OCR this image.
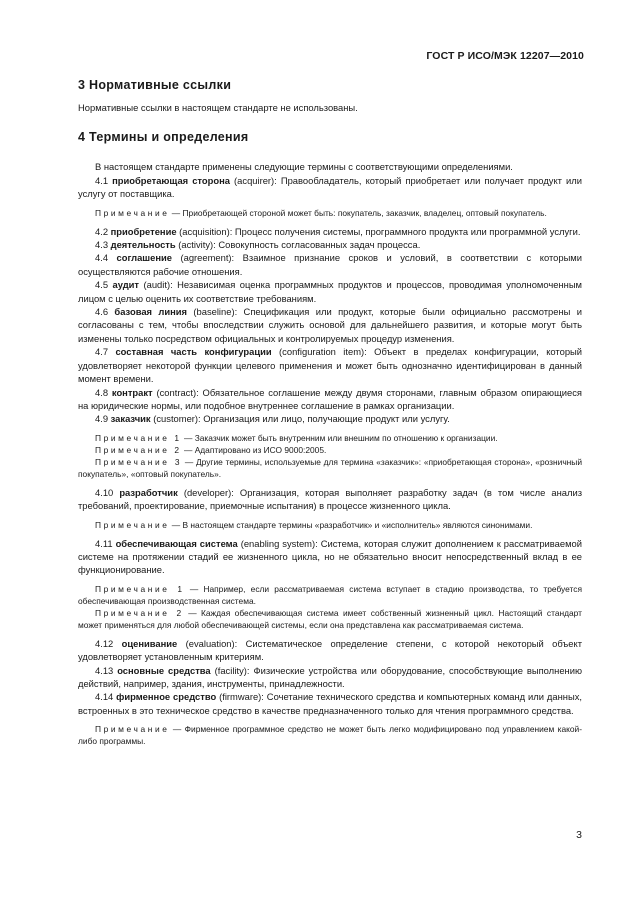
ГОСТ Р ИСО/МЭК 12207—2010
3 Нормативные ссылки

Нормативные ссылки в настоящем стандарте не использованы.

4 Термины и определения

В настоящем стандарте применены следующие термины с соответствующими определениями.

4.1 приобретающая сторона (acquirer): Правообладатель, который приобретает или получает продукт или услугу от поставщика.

Примечание — Приобретающей стороной может быть: покупатель, заказчик, владелец, оптовый покупатель.

4.2 приобретение (acquisition): Процесс получения системы, программного продукта или программной услуги.

4.3 деятельность (activity): Совокупность согласованных задач процесса.

4.4 соглашение (agreement): Взаимное признание сроков и условий, в соответствии с которыми осуществляются рабочие отношения.

4.5 аудит (audit): Независимая оценка программных продуктов и процессов, проводимая уполномоченным лицом с целью оценить их соответствие требованиям.

4.6 базовая линия (baseline): Спецификация или продукт, которые были официально рассмотрены и согласованы с тем, чтобы впоследствии служить основой для дальнейшего развития, и которые могут быть изменены только посредством официальных и контролируемых процедур изменения.

4.7 составная часть конфигурации (configuration item): Объект в пределах конфигурации, который удовлетворяет некоторой функции целевого применения и может быть однозначно идентифицирован в данный момент времени.

4.8 контракт (contract): Обязательное соглашение между двумя сторонами, главным образом опирающиеся на юридические нормы, или подобное внутреннее соглашение в рамках организации.

4.9 заказчик (customer): Организация или лицо, получающие продукт или услугу.

Примечание 1 — Заказчик может быть внутренним или внешним по отношению к организации.

Примечание 2 — Адаптировано из ИСО 9000:2005.

Примечание 3 — Другие термины, используемые для термина «заказчик»: «приобретающая сторона», «розничный покупатель», «оптовый покупатель».

4.10 разработчик (developer): Организация, которая выполняет разработку задач (в том числе анализ требований, проектирование, приемочные испытания) в процессе жизненного цикла.

Примечание — В настоящем стандарте термины «разработчик» и «исполнитель» являются синонимами.

4.11 обеспечивающая система (enabling system): Система, которая служит дополнением к рассматриваемой системе на протяжении стадий ее жизненного цикла, но не обязательно вносит непосредственный вклад в ее функционирование.

Примечание 1 — Например, если рассматриваемая система вступает в стадию производства, то требуется обеспечивающая производственная система.

Примечание 2 — Каждая обеспечивающая система имеет собственный жизненный цикл. Настоящий стандарт может применяться для любой обеспечивающей системы, если она представлена как рассматриваемая система.

4.12 оценивание (evaluation): Систематическое определение степени, с которой некоторый объект удовлетворяет установленным критериям.

4.13 основные средства (facility): Физические устройства или оборудование, способствующие выполнению действий, например, здания, инструменты, принадлежности.

4.14 фирменное средство (firmware): Сочетание технического средства и компьютерных команд или данных, встроенных в это техническое средство в качестве предназначенного только для чтения программного средства.

Примечание — Фирменное программное средство не может быть легко модифицировано под управлением какой-либо программы.

3
